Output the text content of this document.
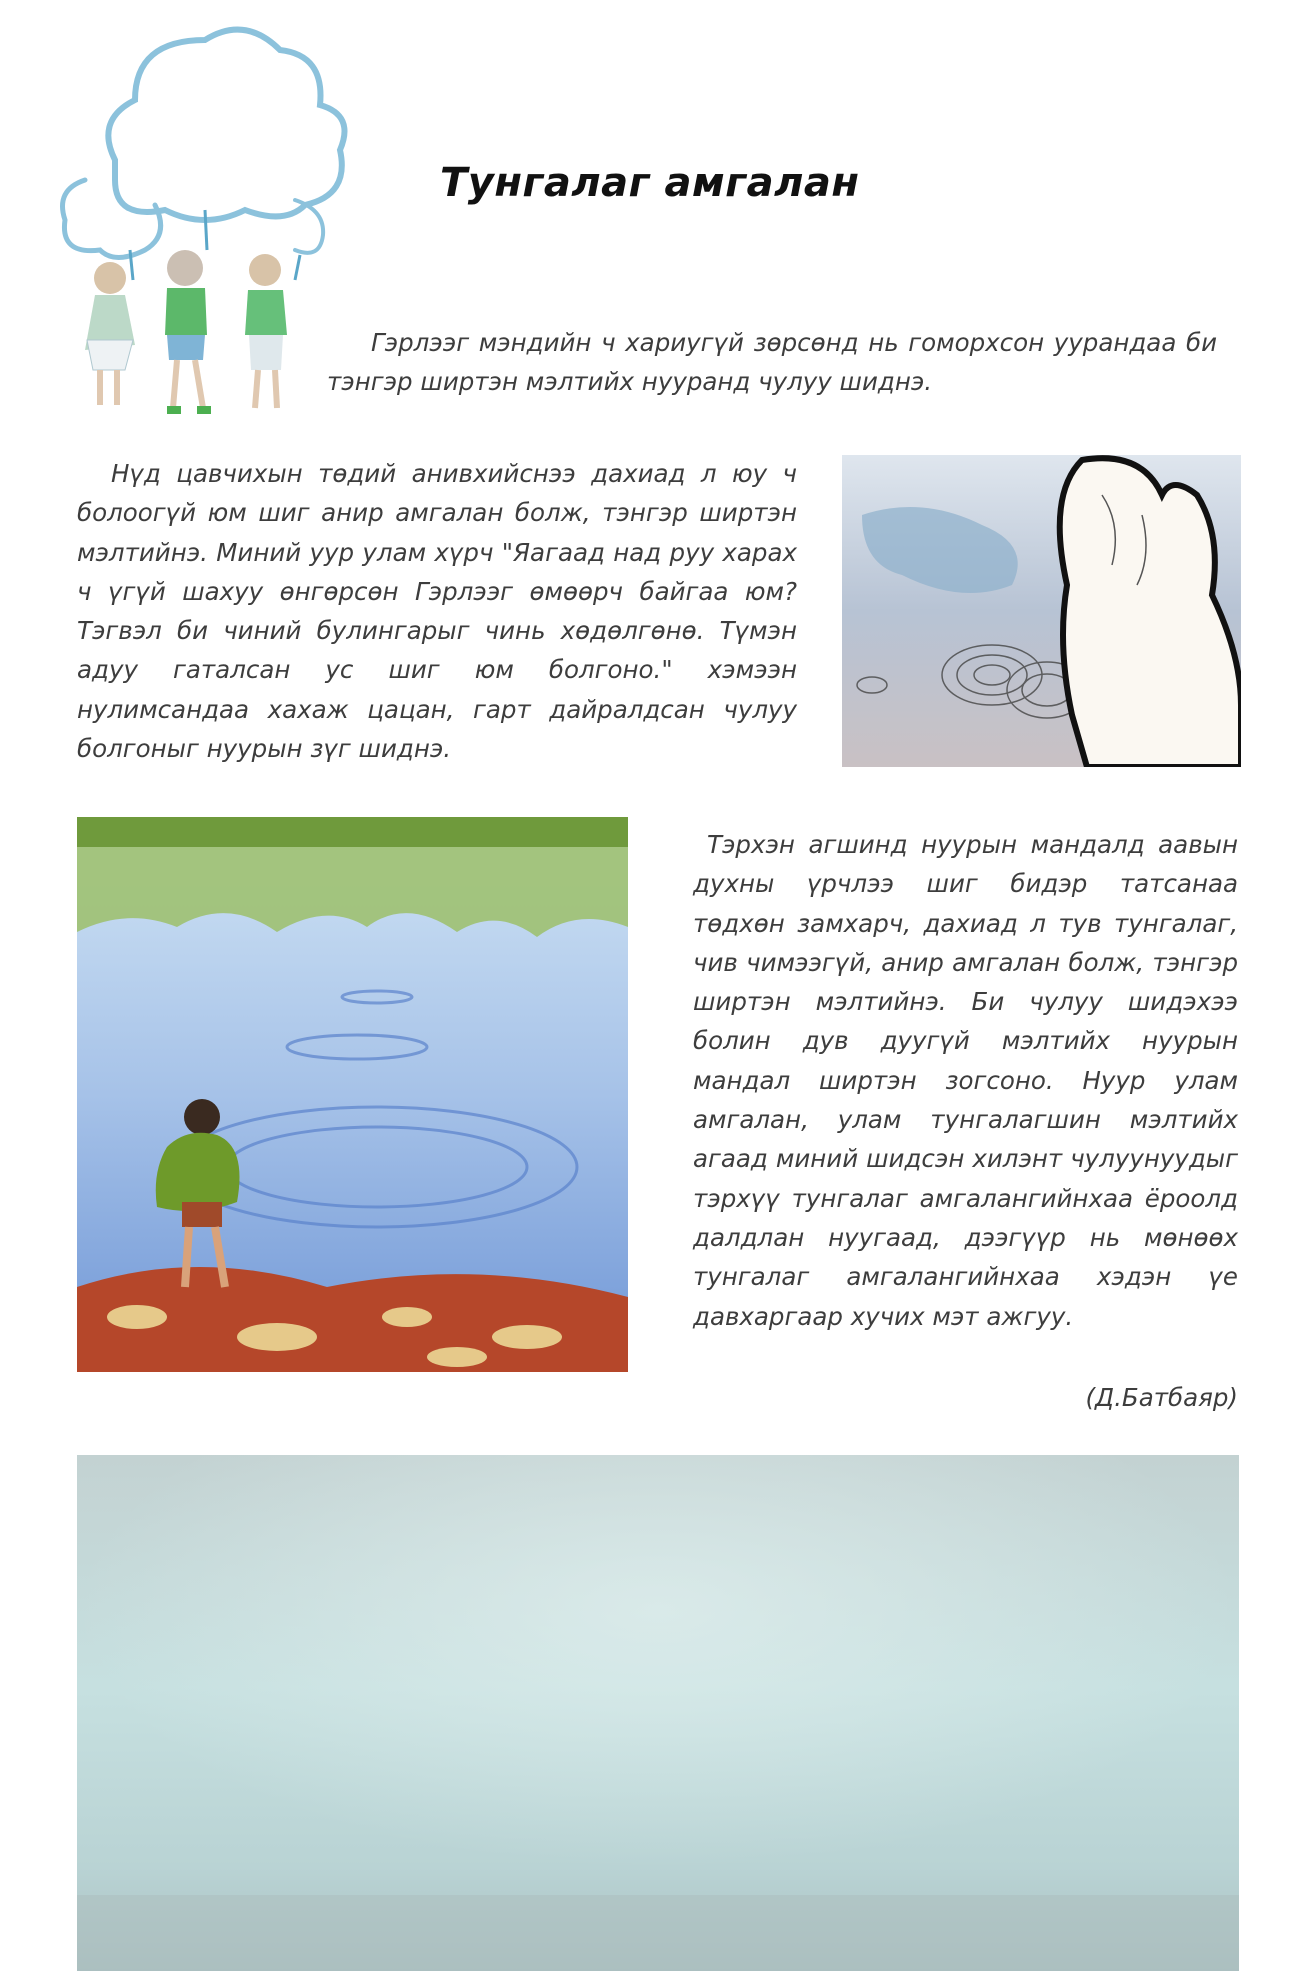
Тунгалаг амгалан
Гэрлээг мэндийн ч хариугүй зөрсөнд нь гоморхсон уурандаа би тэнгэр ширтэн мэлтийх нууранд чулуу шиднэ.
Нүд цавчихын төдий анивхийснээ дахиад л юу ч болоогүй юм шиг анир амгалан болж, тэнгэр ширтэн мэлтийнэ. Миний уур улам хүрч "Яагаад над руу харах ч үгүй шахуу өнгөрсөн Гэрлээг өмөөрч байгаа юм? Тэгвэл би чиний булингарыг чинь хөдөлгөнө. Түмэн адуу гаталсан ус шиг юм болгоно." хэмээн нулимсандаа хахаж цацан, гарт дайралдсан чулуу болгоныг нуурын зүг шиднэ.
Тэрхэн агшинд нуурын мандалд аавын духны үрчлээ шиг бидэр татсанаа төдхөн замхарч, дахиад л тув тунгалаг, чив чимээгүй, анир амгалан болж, тэнгэр ширтэн мэлтийнэ. Би чулуу шидэхээ болин дув дуугүй мэлтийх нуурын мандал ширтэн зогсоно. Нуур улам амгалан, улам тунгалагшин мэлтийх агаад миний шидсэн хилэнт чулуунуудыг тэрхүү тунгалаг амгалангийнхаа ёроолд далдлан нуугаад, дээгүүр нь мөнөөх тунгалаг амгалангийнхаа хэдэн үе давхаргаар хучих мэт ажгуу.
(Д.Батбаяр)
